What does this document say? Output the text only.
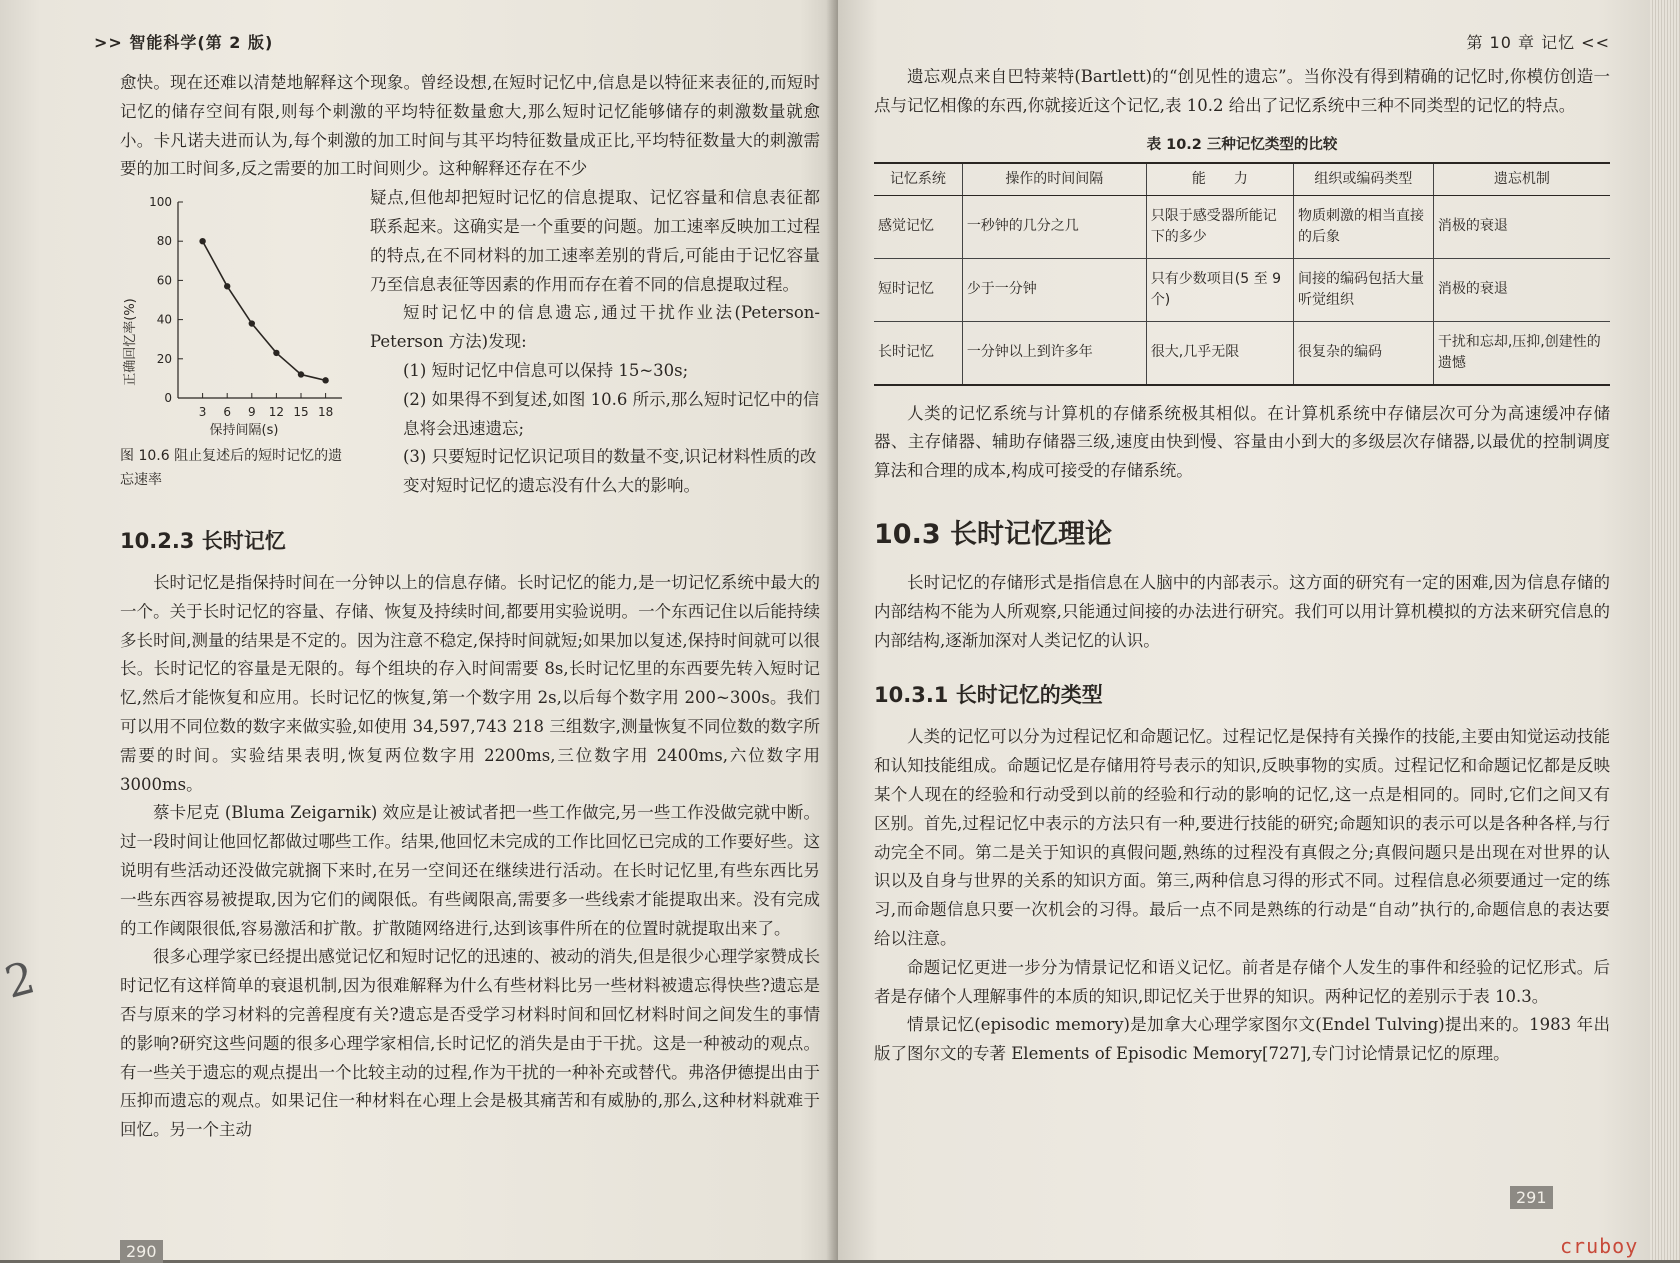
>> 智能科学(第 2 版)

愈快。现在还难以清楚地解释这个现象。曾经设想,在短时记忆中,信息是以特征来表征的,而短时记忆的储存空间有限,则每个刺激的平均特征数量愈大,那么短时记忆能够储存的刺激数量就愈小。卡凡诺夫进而认为,每个刺激的加工时间与其平均特征数量成正比,平均特征数量大的刺激需要的加工时间多,反之需要的加工时间则少。这种解释还存在不少

0
20
40
60
80
100
3 6 9 12 15 18
正确回忆率(%)
保持间隔(s)
图 10.6 阻止复述后的短时记忆的遗忘速率

疑点,但他却把短时记忆的信息提取、记忆容量和信息表征都联系起来。这确实是一个重要的问题。加工速率反映加工过程的特点,在不同材料的加工速率差别的背后,可能由于记忆容量乃至信息表征等因素的作用而存在着不同的信息提取过程。

短时记忆中的信息遗忘,通过干扰作业法(Peterson-Peterson 方法)发现:

(1) 短时记忆中信息可以保持 15~30s;
(2) 如果得不到复述,如图 10.6 所示,那么短时记忆中的信息将会迅速遗忘;
(3) 只要短时记忆识记项目的数量不变,识记材料性质的改变对短时记忆的遗忘没有什么大的影响。
10.2.3 长时记忆

长时记忆是指保持时间在一分钟以上的信息存储。长时记忆的能力,是一切记忆系统中最大的一个。关于长时记忆的容量、存储、恢复及持续时间,都要用实验说明。一个东西记住以后能持续多长时间,测量的结果是不定的。因为注意不稳定,保持时间就短;如果加以复述,保持时间就可以很长。长时记忆的容量是无限的。每个组块的存入时间需要 8s,长时记忆里的东西要先转入短时记忆,然后才能恢复和应用。长时记忆的恢复,第一个数字用 2s,以后每个数字用 200~300s。我们可以用不同位数的数字来做实验,如使用 34,597,743 218 三组数字,测量恢复不同位数的数字所需要的时间。实验结果表明,恢复两位数字用 2200ms,三位数字用 2400ms,六位数字用 3000ms。

蔡卡尼克 (Bluma Zeigarnik) 效应是让被试者把一些工作做完,另一些工作没做完就中断。过一段时间让他回忆都做过哪些工作。结果,他回忆未完成的工作比回忆已完成的工作要好些。这说明有些活动还没做完就搁下来时,在另一空间还在继续进行活动。在长时记忆里,有些东西比另一些东西容易被提取,因为它们的阈限低。有些阈限高,需要多一些线索才能提取出来。没有完成的工作阈限很低,容易激活和扩散。扩散随网络进行,达到该事件所在的位置时就提取出来了。

很多心理学家已经提出感觉记忆和短时记忆的迅速的、被动的消失,但是很少心理学家赞成长时记忆有这样简单的衰退机制,因为很难解释为什么有些材料比另一些材料被遗忘得快些?遗忘是否与原来的学习材料的完善程度有关?遗忘是否受学习材料时间和回忆材料时间之间发生的事情的影响?研究这些问题的很多心理学家相信,长时记忆的消失是由于干扰。这是一种被动的观点。有一些关于遗忘的观点提出一个比较主动的过程,作为干扰的一种补充或替代。弗洛伊德提出由于压抑而遗忘的观点。如果记住一种材料在心理上会是极其痛苦和有威胁的,那么,这种材料就难于回忆。另一个主动

第 10 章 记忆 <<

遗忘观点来自巴特莱特(Bartlett)的“创见性的遗忘”。当你没有得到精确的记忆时,你模仿创造一点与记忆相像的东西,你就接近这个记忆,表 10.2 给出了记忆系统中三种不同类型的记忆的特点。

表 10.2 三种记忆类型的比较
记忆系统	操作的时间间隔	能　　力	组织或编码类型	遗忘机制
感觉记忆	一秒钟的几分之几	只限于感受器所能记下的多少	物质刺激的相当直接的后象	消极的衰退
短时记忆	少于一分钟	只有少数项目(5 至 9 个)	间接的编码包括大量听觉组织	消极的衰退
长时记忆	一分钟以上到许多年	很大,几乎无限	很复杂的编码	干扰和忘却,压抑,创建性的遗憾

人类的记忆系统与计算机的存储系统极其相似。在计算机系统中存储层次可分为高速缓冲存储器、主存储器、辅助存储器三级,速度由快到慢、容量由小到大的多级层次存储器,以最优的控制调度算法和合理的成本,构成可接受的存储系统。

10.3 长时记忆理论

长时记忆的存储形式是指信息在人脑中的内部表示。这方面的研究有一定的困难,因为信息存储的内部结构不能为人所观察,只能通过间接的办法进行研究。我们可以用计算机模拟的方法来研究信息的内部结构,逐渐加深对人类记忆的认识。

10.3.1 长时记忆的类型

人类的记忆可以分为过程记忆和命题记忆。过程记忆是保持有关操作的技能,主要由知觉运动技能和认知技能组成。命题记忆是存储用符号表示的知识,反映事物的实质。过程记忆和命题记忆都是反映某个人现在的经验和行动受到以前的经验和行动的影响的记忆,这一点是相同的。同时,它们之间又有区别。首先,过程记忆中表示的方法只有一种,要进行技能的研究;命题知识的表示可以是各种各样,与行动完全不同。第二是关于知识的真假问题,熟练的过程没有真假之分;真假问题只是出现在对世界的认识以及自身与世界的关系的知识方面。第三,两种信息习得的形式不同。过程信息必须要通过一定的练习,而命题信息只要一次机会的习得。最后一点不同是熟练的行动是“自动”执行的,命题信息的表达要给以注意。

命题记忆更进一步分为情景记忆和语义记忆。前者是存储个人发生的事件和经验的记忆形式。后者是存储个人理解事件的本质的知识,即记忆关于世界的知识。两种记忆的差别示于表 10.3。

情景记忆(episodic memory)是加拿大心理学家图尔文(Endel Tulving)提出来的。1983 年出版了图尔文的专著 Elements of Episodic Memory[727],专门讨论情景记忆的原理。

290
291
cruboy
2
